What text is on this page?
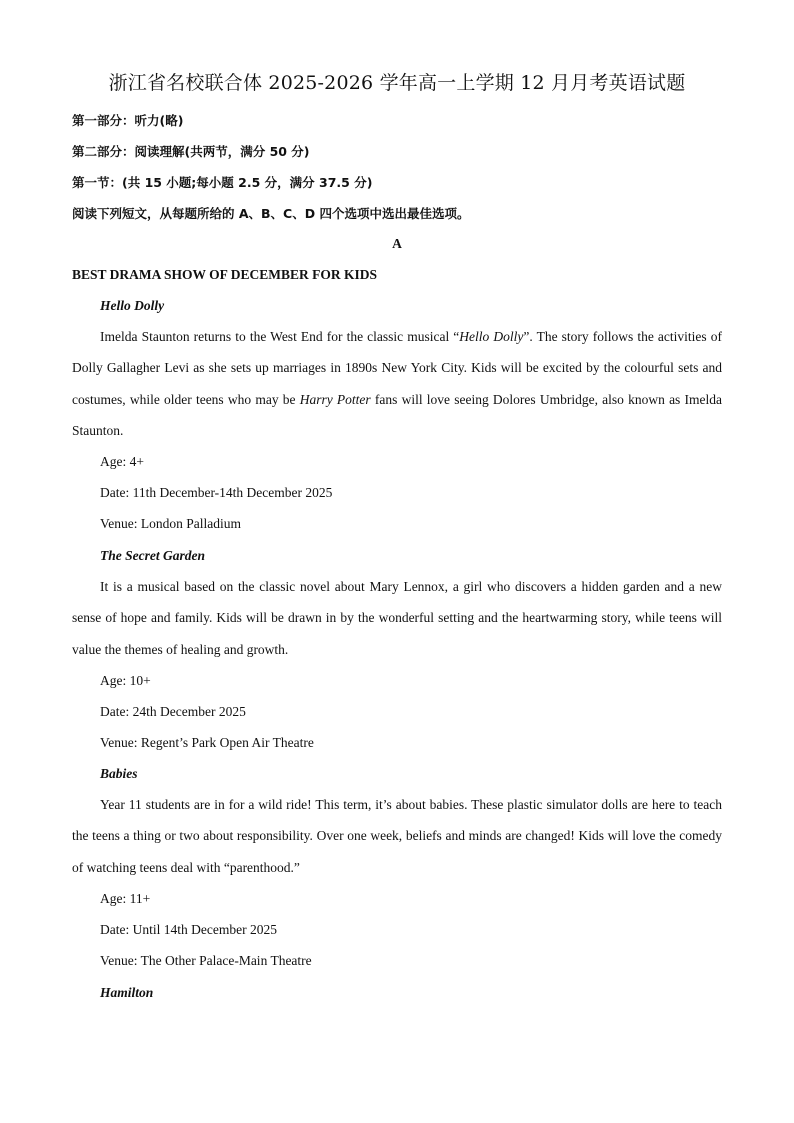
浙江省名校联合体 2025-2026 学年高一上学期 12 月月考英语试题
第一部分：听力(略)
第二部分：阅读理解(共两节，满分 50 分)
第一节：(共 15 小题;每小题 2.5 分，满分 37.5 分)
阅读下列短文，从每题所给的 A、B、C、D 四个选项中选出最佳选项。
A
BEST DRAMA SHOW OF DECEMBER FOR KIDS
Hello Dolly
Imelda Staunton returns to the West End for the classic musical “Hello Dolly”. The story follows the activities of Dolly Gallagher Levi as she sets up marriages in 1890s New York City. Kids will be excited by the colourful sets and costumes, while older teens who may be Harry Potter fans will love seeing Dolores Umbridge, also known as Imelda Staunton.
Age: 4+
Date: 11th December-14th December 2025
Venue: London Palladium
The Secret Garden
It is a musical based on the classic novel about Mary Lennox, a girl who discovers a hidden garden and a new sense of hope and family. Kids will be drawn in by the wonderful setting and the heartwarming story, while teens will value the themes of healing and growth.
Age: 10+
Date: 24th December 2025
Venue: Regent’s Park Open Air Theatre
Babies
Year 11 students are in for a wild ride! This term, it’s about babies. These plastic simulator dolls are here to teach the teens a thing or two about responsibility. Over one week, beliefs and minds are changed! Kids will love the comedy of watching teens deal with “parenthood.”
Age: 11+
Date: Until 14th December 2025
Venue: The Other Palace-Main Theatre
Hamilton
